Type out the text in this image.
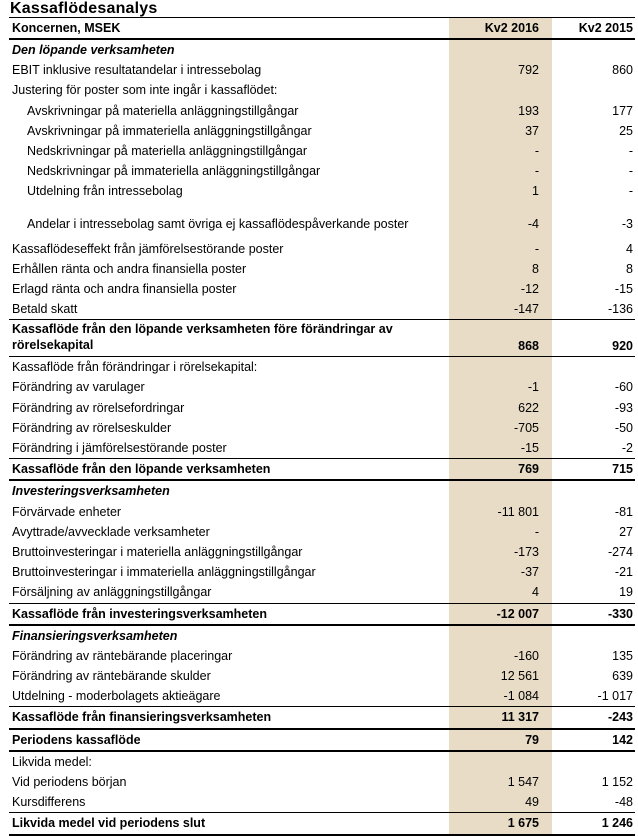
Kassaflödesanalys
Koncernen, MSEK	Kv2 2016	Kv2 2015
Den löpande verksamheten
EBIT inklusive resultatandelar i intressebolag	792	860
Justering för poster som inte ingår i kassaflödet:
Avskrivningar på materiella anläggningstillgångar	193	177
Avskrivningar på immateriella anläggningstillgångar	37	25
Nedskrivningar på materiella anläggningstillgångar	-	-
Nedskrivningar på immateriella anläggningstillgångar	-	-
Utdelning från intressebolag	1	-
Andelar i intressebolag samt övriga ej kassaflödespåverkande poster	-4	-3
Kassaflödeseffekt från jämförelsestörande poster	-	4
Erhållen ränta och andra finansiella poster	8	8
Erlagd ränta och andra finansiella poster	-12	-15
Betald skatt	-147	-136
Kassaflöde från den löpande verksamheten före förändringar av rörelsekapital	868	920
Kassaflöde från förändringar i rörelsekapital:
Förändring av varulager	-1	-60
Förändring av rörelsefordringar	622	-93
Förändring av rörelseskulder	-705	-50
Förändring i jämförelsestörande poster	-15	-2
Kassaflöde från den löpande verksamheten	769	715
Investeringsverksamheten
Förvärvade enheter	-11 801	-81
Avyttrade/avvecklade verksamheter	-	27
Bruttoinvesteringar i materiella anläggningstillgångar	-173	-274
Bruttoinvesteringar i immateriella anläggningstillgångar	-37	-21
Försäljning av anläggningstillgångar	4	19
Kassaflöde från investeringsverksamheten	-12 007	-330
Finansieringsverksamheten
Förändring av räntebärande placeringar	-160	135
Förändring av räntebärande skulder	12 561	639
Utdelning - moderbolagets aktieägare	-1 084	-1 017
Kassaflöde från finansieringsverksamheten	11 317	-243
Periodens kassaflöde	79	142
Likvida medel:
Vid periodens början	1 547	1 152
Kursdifferens	49	-48
Likvida medel vid periodens slut	1 675	1 246
